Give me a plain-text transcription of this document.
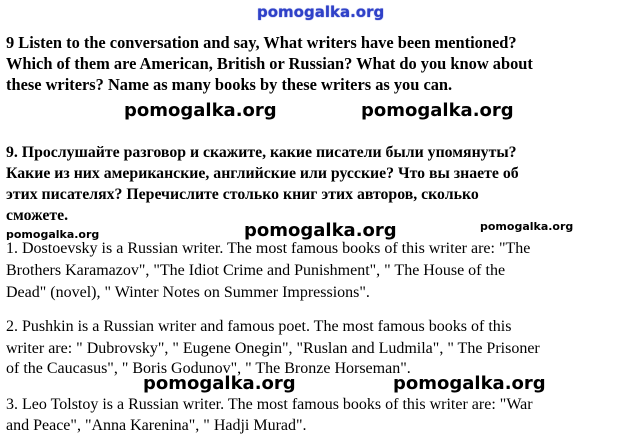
pomogalka.org
pomogalka.org	pomogalka.org
pomogalka.org	pomogalka.org	pomogalka.org
pomogalka.org	pomogalka.org
9 Listen to the conversation and say, What writers have been mentioned?
Which of them are American, British or Russian? What do you know about
these writers? Name as many books by these writers as you can.
9. Прослушайте разговор и скажите, какие писатели были упомянуты?
Какие из них американские, английские или русские? Что вы знаете об
этих писателях? Перечислите столько книг этих авторов, сколько
сможете.
1. Dostoevsky is a Russian writer. The most famous books of this writer are: "The
Brothers Karamazov", "The Idiot Crime and Punishment", " The House of the
Dead" (novel), " Winter Notes on Summer Impressions".
2. Pushkin is a Russian writer and famous poet. The most famous books of this
writer are: " Dubrovsky", " Eugene Onegin", "Ruslan and Ludmila", " The Prisoner
of the Caucasus", " Boris Godunov", " The Bronze Horseman".
3. Leo Tolstoy is a Russian writer. The most famous books of this writer are: "War
and Peace", "Anna Karenina", " Hadji Murad".
